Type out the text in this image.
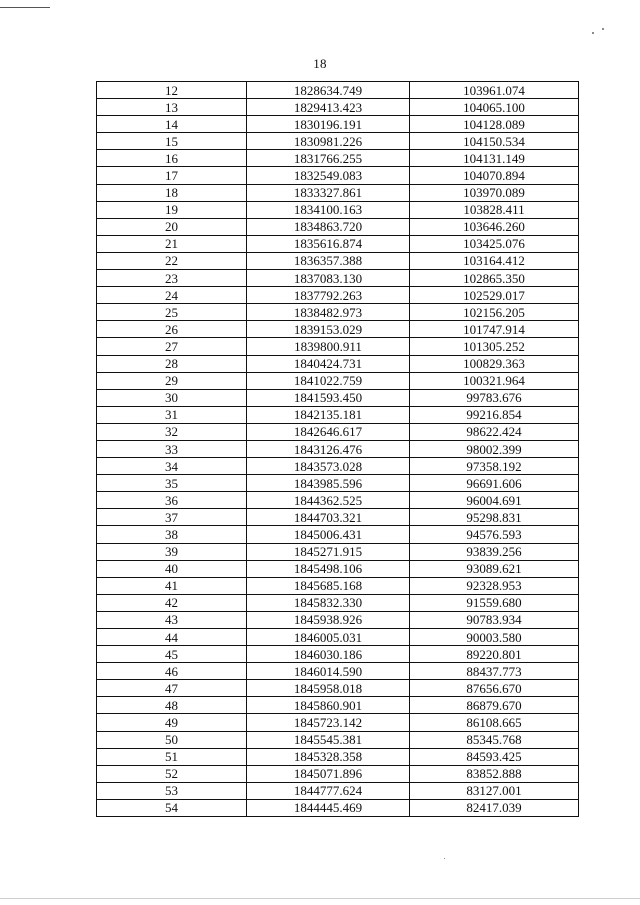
18
12	1828634.749	103961.074
13	1829413.423	104065.100
14	1830196.191	104128.089
15	1830981.226	104150.534
16	1831766.255	104131.149
17	1832549.083	104070.894
18	1833327.861	103970.089
19	1834100.163	103828.411
20	1834863.720	103646.260
21	1835616.874	103425.076
22	1836357.388	103164.412
23	1837083.130	102865.350
24	1837792.263	102529.017
25	1838482.973	102156.205
26	1839153.029	101747.914
27	1839800.911	101305.252
28	1840424.731	100829.363
29	1841022.759	100321.964
30	1841593.450	99783.676
31	1842135.181	99216.854
32	1842646.617	98622.424
33	1843126.476	98002.399
34	1843573.028	97358.192
35	1843985.596	96691.606
36	1844362.525	96004.691
37	1844703.321	95298.831
38	1845006.431	94576.593
39	1845271.915	93839.256
40	1845498.106	93089.621
41	1845685.168	92328.953
42	1845832.330	91559.680
43	1845938.926	90783.934
44	1846005.031	90003.580
45	1846030.186	89220.801
46	1846014.590	88437.773
47	1845958.018	87656.670
48	1845860.901	86879.670
49	1845723.142	86108.665
50	1845545.381	85345.768
51	1845328.358	84593.425
52	1845071.896	83852.888
53	1844777.624	83127.001
54	1844445.469	82417.039
